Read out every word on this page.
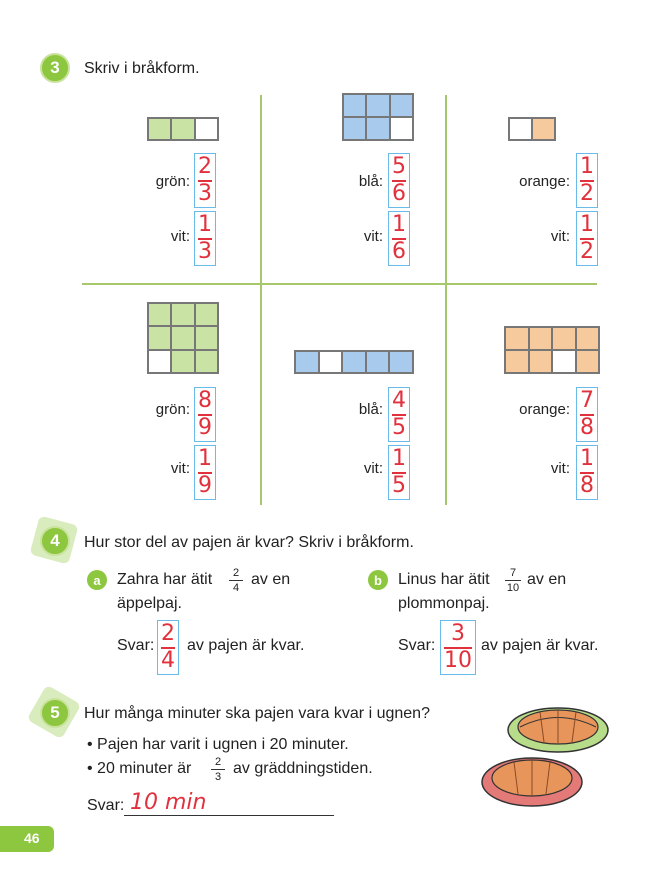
3	Skriv i bråkform.
grön:
2
3
vit: 1
3
blå:
5
6
vit: 1
6
orange:
1
2
vit: 1
2
grön: 8
9
vit: 1
9
blå: 4
5
vit: 1
5
orange: 7
8
vit: 1
8
4	Hur stor del av pajen är kvar? Skriv i bråkform.
a	Zahra har ätit	2
4 av en
äppelpaj.
Svar: 2
4
av pajen är kvar.
b	Linus har ätit	7
10 av en
plommonpaj.
Svar: 3
10
av pajen är kvar.
5	Hur många minuter ska pajen vara kvar i ugnen?
• Pajen har varit i ugnen i 20 minuter.
• 20 minuter är	2
3 av gräddningstiden.
Svar: 10 min
46
